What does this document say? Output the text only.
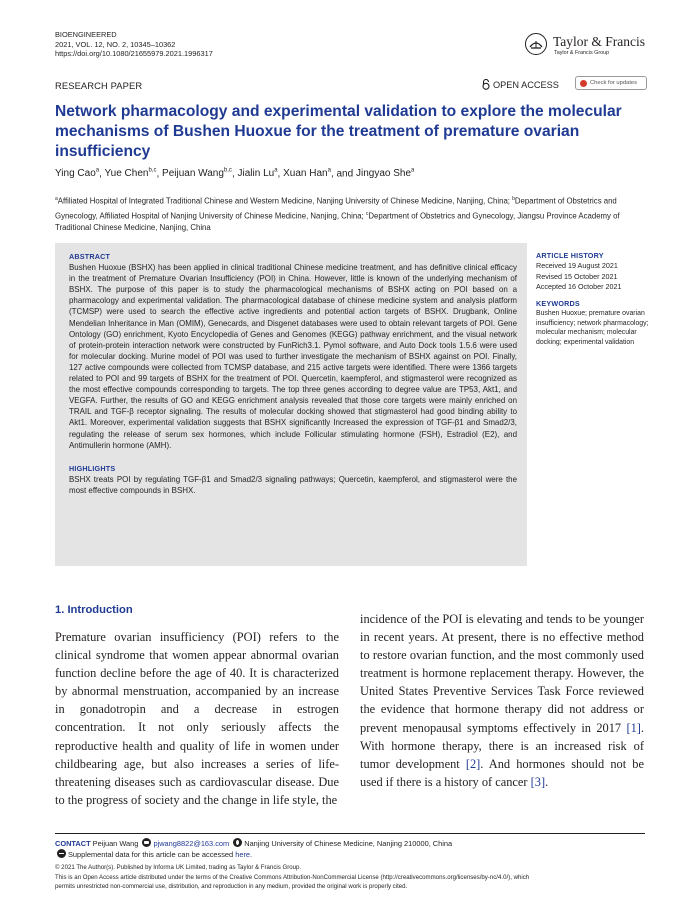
BIOENGINEERED
2021, VOL. 12, NO. 2, 10345–10362
https://doi.org/10.1080/21655979.2021.1996317
Taylor & Francis
Taylor & Francis Group
RESEARCH PAPER	OPEN ACCESS	Check for updates
Network pharmacology and experimental validation to explore the molecular mechanisms of Bushen Huoxue for the treatment of premature ovarian insufficiency
Ying Cao$^a$, Yue Chen$^{b,c}$, Peijuan Wang$^{b,c}$, Jialin Lu$^a$, Xuan Han$^a$, and Jingyao She$^a$
$^a$Affiliated Hospital of Integrated Traditional Chinese and Western Medicine, Nanjing University of Chinese Medicine, Nanjing, China; $^b$Department of Obstetrics and Gynecology, Affiliated Hospital of Nanjing University of Chinese Medicine, Nanjing, China; $^c$Department of Obstetrics and Gynecology, Jiangsu Province Academy of Traditional Chinese Medicine, Nanjing, China
ABSTRACT
Bushen Huoxue (BSHX) has been applied in clinical traditional Chinese medicine treatment, and has definitive clinical efficacy in the treatment of Premature Ovarian Insufficiency (POI) in China. However, little is known of the underlying mechanism of BSHX. The purpose of this paper is to study the pharmacological mechanisms of BSHX acting on POI based on a pharmacology and experimental validation. The pharmacological database of chinese medicine system and analysis platform (TCMSP) were used to search the effective active ingredients and potential action targets of BSHX. Drugbank, Online Mendelian Inheritance in Man (OMIM), Genecards, and Disgenet databases were used to obtain relevant targets of POI. Gene Ontology (GO) enrichment, Kyoto Encyclopedia of Genes and Genomes (KEGG) pathway enrichment, and the visual network of protein-protein interaction network were constructed by FunRich3.1. Pymol software, and Auto Dock tools 1.5.6 were used for molecular docking. Murine model of POI was used to further investigate the mechanism of BSHX against on POI. Finally, 127 active compounds were collected from TCMSP database, and 215 active targets were identified. There were 1366 targets related to POI and 99 targets of BSHX for the treatment of POI. Quercetin, kaempferol, and stigmasterol were recognized as the most effective compounds corresponding to targets. The top three genes according to degree value are TP53, Akt1, and VEGFA. Further, the results of GO and KEGG enrichment analysis revealed that those core targets were mainly enriched on TRAIL and TGF-β receptor signaling. The results of molecular docking showed that stigmasterol had good binding ability to Akt1. Moreover, experimental validation suggests that BSHX significantly Increased the expression of TGF-β1 and Smad2/3, regulating the release of serum sex hormones, which include Follicular stimulating hormone (FSH), Estradiol (E2), and Antimullerin hormone (AMH).
HIGHLIGHTS
BSHX treats POI by regulating TGF-β1 and Smad2/3 signaling pathways; Quercetin, kaempferol, and stigmasterol were the most effective compounds in BSHX.
ARTICLE HISTORY
Received 19 August 2021
Revised 15 October 2021
Accepted 16 October 2021
KEYWORDS
Bushen Huoxue; premature ovarian insufficiency; network pharmacology; molecular mechanism; molecular docking; experimental validation
1. Introduction
Premature ovarian insufficiency (POI) refers to the clinical syndrome that women appear abnormal ovarian function decline before the age of 40. It is characterized by abnormal menstruation, accompanied by an increase in gonadotropin and a decrease in estrogen concentration. It not only seriously affects the reproductive health and quality of life in women under childbearing age, but also increases a series of life-threatening diseases such as cardiovascular disease. Due to the progress of society and the change in life style, the
incidence of the POI is elevating and tends to be younger in recent years. At present, there is no effective method to restore ovarian function, and the most commonly used treatment is hormone replacement therapy. However, the United States Preventive Services Task Force reviewed the evidence that hormone therapy did not address or prevent menopausal symptoms effectively in 2017 [1]. With hormone therapy, there is an increased risk of tumor development [2]. And hormones should not be used if there is a history of cancer [3].
CONTACT Peijuan Wang pjwang8822@163.com Nanjing University of Chinese Medicine, Nanjing 210000, China
Supplemental data for this article can be accessed here.
© 2021 The Author(s). Published by Informa UK Limited, trading as Taylor & Francis Group.
This is an Open Access article distributed under the terms of the Creative Commons Attribution-NonCommercial License (http://creativecommons.org/licenses/by-nc/4.0/), which
permits unrestricted non-commercial use, distribution, and reproduction in any medium, provided the original work is properly cited.
